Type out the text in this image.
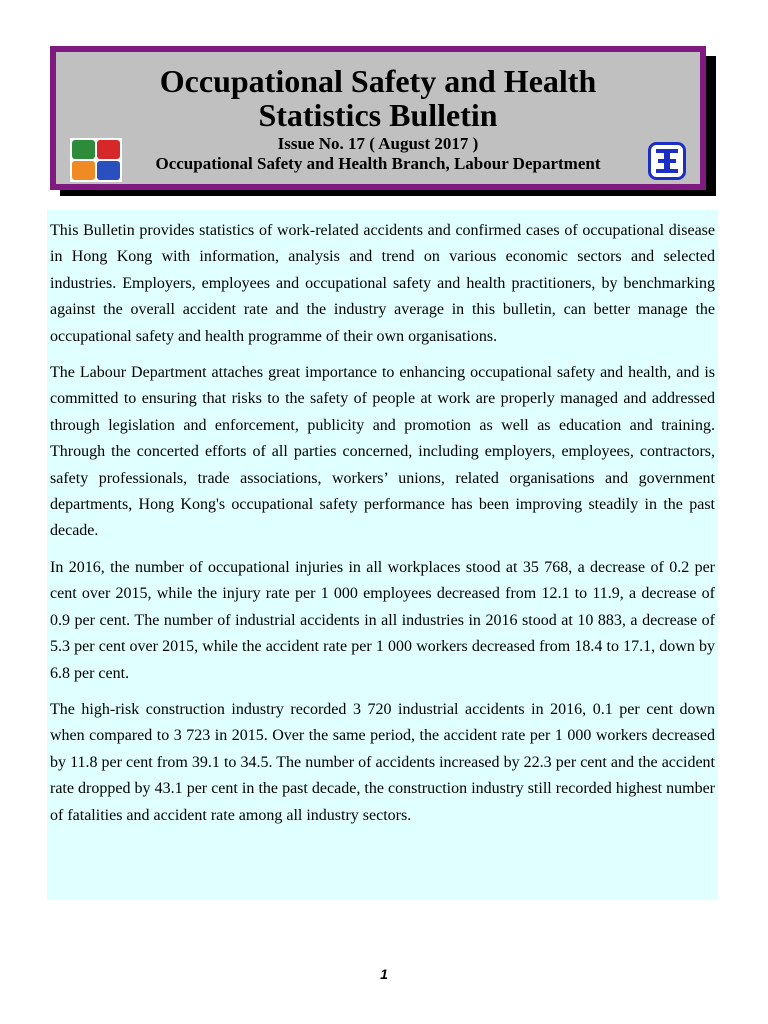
Occupational Safety and Health
Statistics Bulletin
Issue No. 17 ( August 2017 )
Occupational Safety and Health Branch, Labour Department

This Bulletin provides statistics of work-related accidents and confirmed cases of occupational disease in Hong Kong with information, analysis and trend on various economic sectors and selected industries. Employers, employees and occupational safety and health practitioners, by benchmarking against the overall accident rate and the industry average in this bulletin, can better manage the occupational safety and health programme of their own organisations.

The Labour Department attaches great importance to enhancing occupational safety and health, and is committed to ensuring that risks to the safety of people at work are properly managed and addressed through legislation and enforcement, publicity and promotion as well as education and training. Through the concerted efforts of all parties concerned, including employers, employees, contractors, safety professionals, trade associations, workers’ unions, related organisations and government departments, Hong Kong's occupational safety performance has been improving steadily in the past decade.

In 2016, the number of occupational injuries in all workplaces stood at 35 768, a decrease of 0.2 per cent over 2015, while the injury rate per 1 000 employees decreased from 12.1 to 11.9, a decrease of 0.9 per cent. The number of industrial accidents in all industries in 2016 stood at 10 883, a decrease of 5.3 per cent over 2015, while the accident rate per 1 000 workers decreased from 18.4 to 17.1, down by 6.8 per cent.

The high-risk construction industry recorded 3 720 industrial accidents in 2016, 0.1 per cent down when compared to 3 723 in 2015. Over the same period, the accident rate per 1 000 workers decreased by 11.8 per cent from 39.1 to 34.5. The number of accidents increased by 22.3 per cent and the accident rate dropped by 43.1 per cent in the past decade, the construction industry still recorded highest number of fatalities and accident rate among all industry sectors.

1
